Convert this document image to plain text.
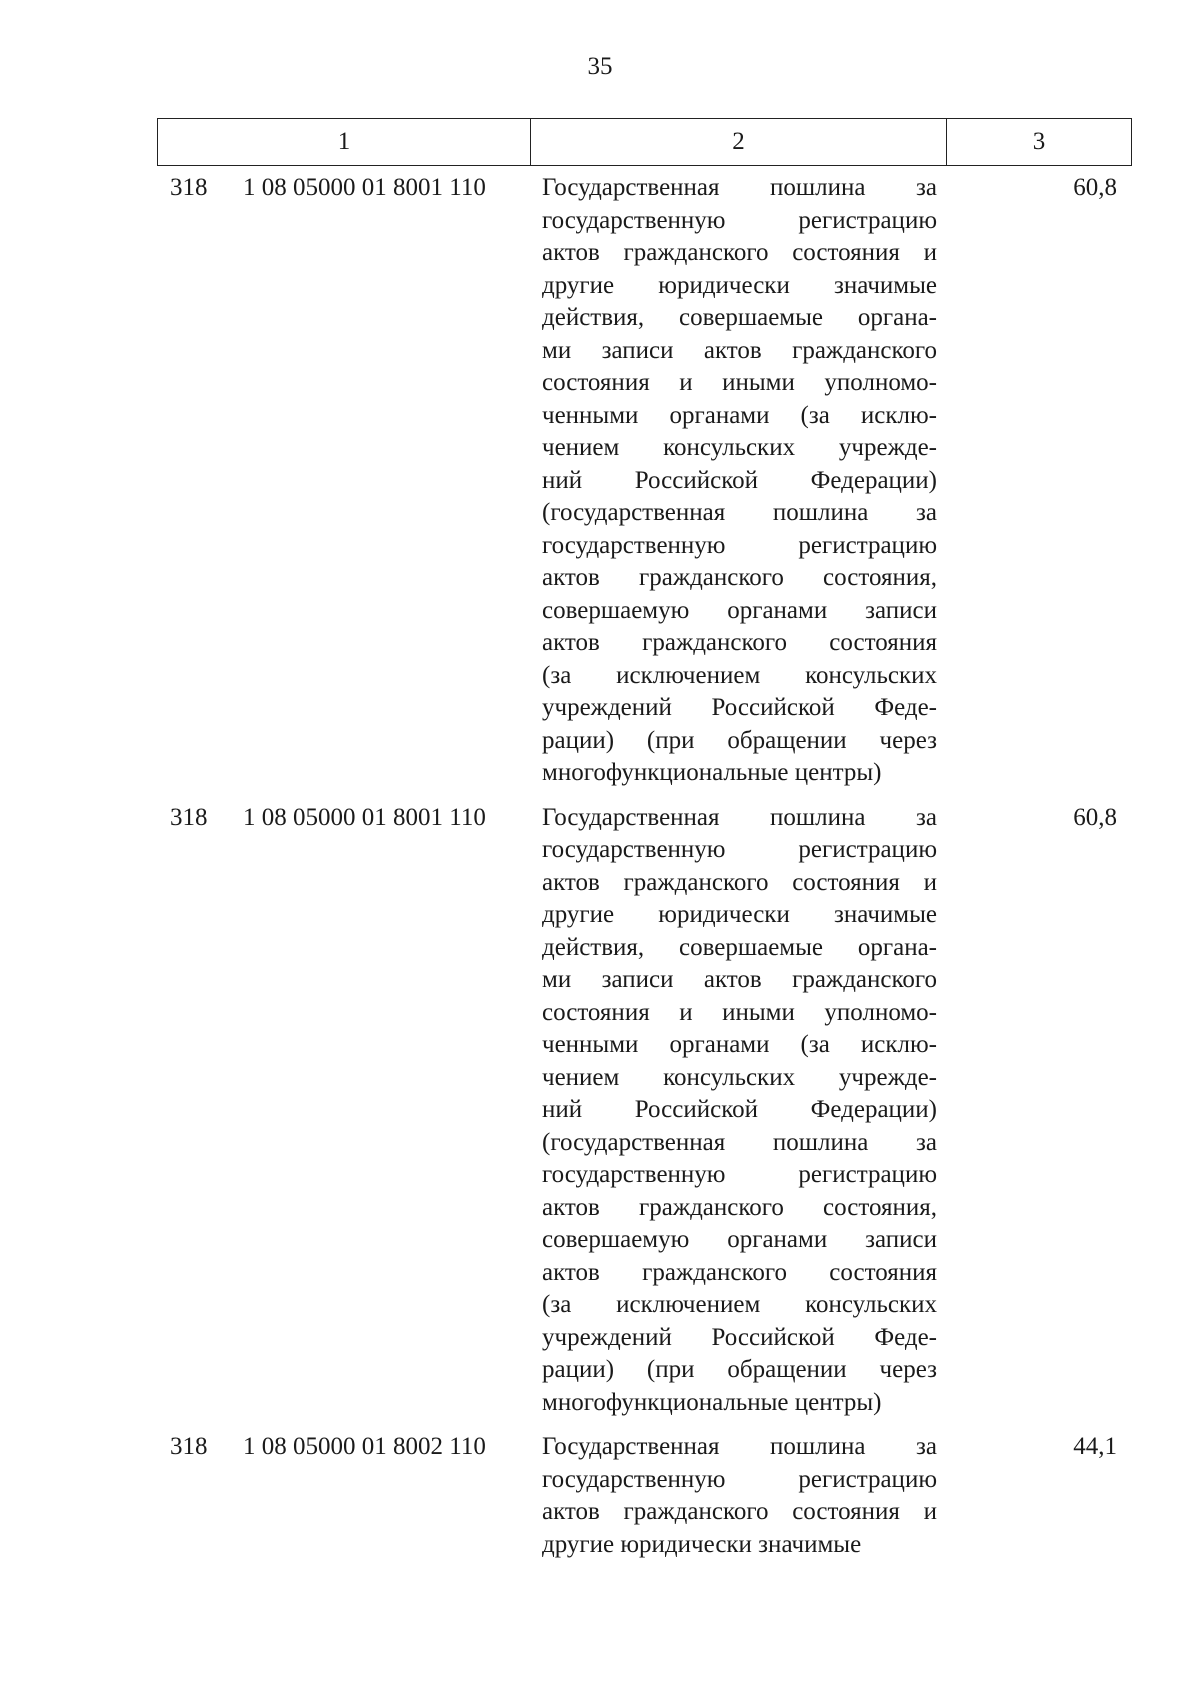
35
1	2	3
318 1 08 05000 01 8001 110 Государственная пошлина за
государственную регистрацию
актов гражданского состояния и
другие юридически значимые
действия, совершаемые органа-
ми записи актов гражданского
состояния и иными уполномо-
ченными органами (за исклю-
чением консульских учрежде-
ний Российской Федерации)
(государственная пошлина за
государственную регистрацию
актов гражданского состояния,
совершаемую органами записи
актов гражданского состояния
(за исключением консульских
учреждений Российской Феде-
рации) (при обращении через
многофункциональные центры)
60,8
318 1 08 05000 01 8001 110 Государственная пошлина за
государственную регистрацию
актов гражданского состояния и
другие юридически значимые
действия, совершаемые органа-
ми записи актов гражданского
состояния и иными уполномо-
ченными органами (за исклю-
чением консульских учрежде-
ний Российской Федерации)
(государственная пошлина за
государственную регистрацию
актов гражданского состояния,
совершаемую органами записи
актов гражданского состояния
(за исключением консульских
учреждений Российской Феде-
рации) (при обращении через
многофункциональные центры)
60,8
318 1 08 05000 01 8002 110 Государственная пошлина за
государственную регистрацию
актов гражданского состояния и
другие юридически значимые
44,1
